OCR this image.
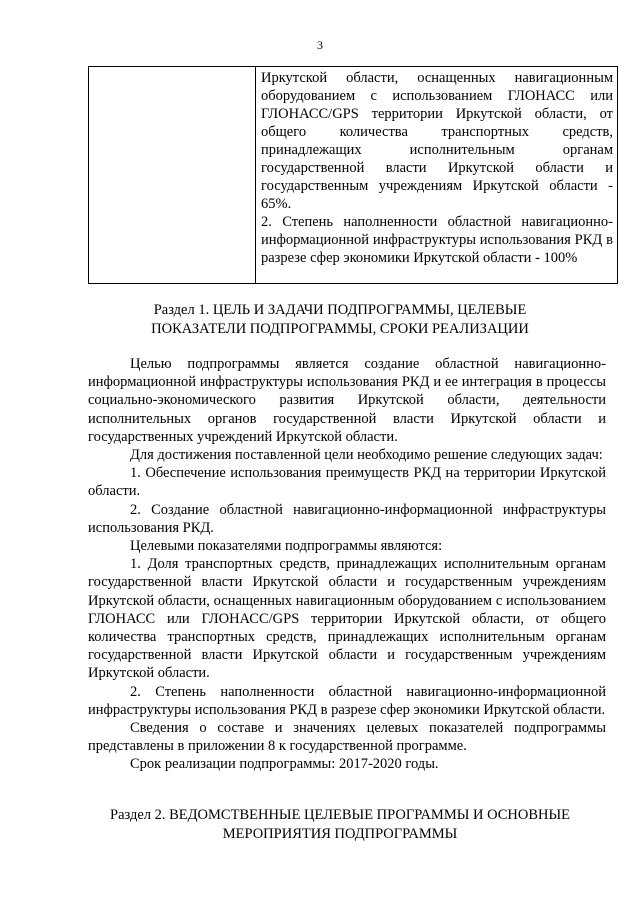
3

Иркутской области, оснащенных навигационным оборудованием с использованием ГЛОНАСС или ГЛОНАСС/GPS территории Иркутской области, от общего количества транспортных средств, принадлежащих исполнительным органам государственной власти Иркутской области и государственным учреждениям Иркутской области - 65%.

2. Степень наполненности областной навигационно-информационной инфраструктуры использования РКД в разрезе сфер экономики Иркутской области - 100%

Раздел 1. ЦЕЛЬ И ЗАДАЧИ ПОДПРОГРАММЫ, ЦЕЛЕВЫЕ
ПОКАЗАТЕЛИ ПОДПРОГРАММЫ, СРОКИ РЕАЛИЗАЦИИ

Целью подпрограммы является создание областной навигационно-информационной инфраструктуры использования РКД и ее интеграция в процессы социально-экономического развития Иркутской области, деятельности исполнительных органов государственной власти Иркутской области и государственных учреждений Иркутской области.

Для достижения поставленной цели необходимо решение следующих задач:

1. Обеспечение использования преимуществ РКД на территории Иркутской области.

2. Создание областной навигационно-информационной инфраструктуры использования РКД.

Целевыми показателями подпрограммы являются:

1. Доля транспортных средств, принадлежащих исполнительным органам государственной власти Иркутской области и государственным учреждениям Иркутской области, оснащенных навигационным оборудованием с использованием ГЛОНАСС или ГЛОНАСС/GPS территории Иркутской области, от общего количества транспортных средств, принадлежащих исполнительным органам государственной власти Иркутской области и государственным учреждениям Иркутской области.

2. Степень наполненности областной навигационно-информационной инфраструктуры использования РКД в разрезе сфер экономики Иркутской области.

Сведения о составе и значениях целевых показателей подпрограммы представлены в приложении 8 к государственной программе.

Срок реализации подпрограммы: 2017-2020 годы.

Раздел 2. ВЕДОМСТВЕННЫЕ ЦЕЛЕВЫЕ ПРОГРАММЫ И ОСНОВНЫЕ
МЕРОПРИЯТИЯ ПОДПРОГРАММЫ
